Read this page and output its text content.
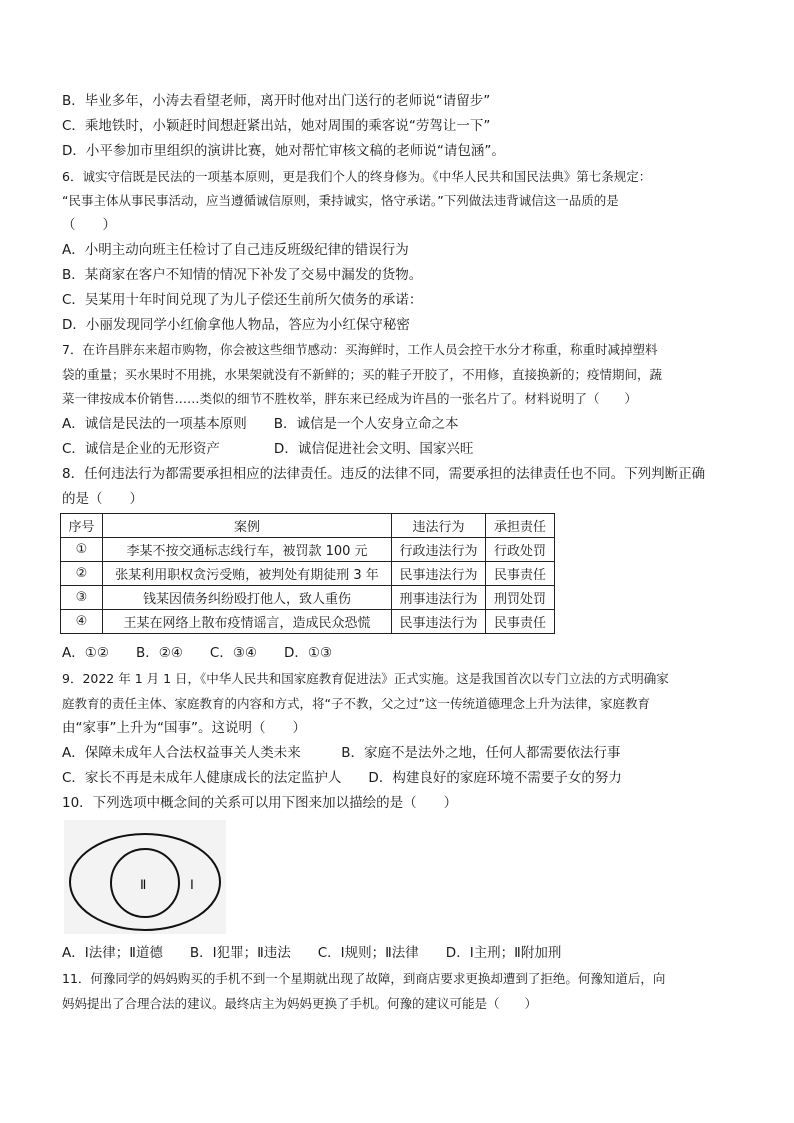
B．毕业多年，小涛去看望老师，离开时他对出门送行的老师说“请留步”
C．乘地铁时，小颖赶时间想赶紧出站，她对周围的乘客说“劳驾让一下”
D．小平参加市里组织的演讲比赛，她对帮忙审核文稿的老师说“请包涵”。
6．诚实守信既是民法的一项基本原则，更是我们个人的终身修为。《中华人民共和国民法典》第七条规定：
“民事主体从事民事活动，应当遵循诚信原则，秉持诚实，恪守承诺。”下列做法违背诚信这一品质的是
（　　）
A．小明主动向班主任检讨了自己违反班级纪律的错误行为
B．某商家在客户不知情的情况下补发了交易中漏发的货物。
C．吴某用十年时间兑现了为儿子偿还生前所欠债务的承诺：
D．小丽发现同学小红偷拿他人物品，答应为小红保守秘密
7．在许昌胖东来超市购物，你会被这些细节感动：买海鲜时，工作人员会控干水分才称重，称重时减掉塑料
袋的重量；买水果时不用挑，水果架就没有不新鲜的；买的鞋子开胶了，不用修，直接换新的；疫情期间，蔬
菜一律按成本价销售……类似的细节不胜枚举，胖东来已经成为许昌的一张名片了。材料说明了（　　）
A．诚信是民法的一项基本原则　　B．诚信是一个人安身立命之本
C．诚信是企业的无形资产　　　　D．诚信促进社会文明、国家兴旺
8．任何违法行为都需要承担相应的法律责任。违反的法律不同，需要承担的法律责任也不同。下列判断正确
的是（　　）
序号	案例	违法行为	承担责任
①	李某不按交通标志线行车，被罚款 100 元	行政违法行为	行政处罚
②	张某利用职权贪污受贿，被判处有期徒刑 3 年	民事违法行为	民事责任
③	钱某因债务纠纷殴打他人，致人重伤	刑事违法行为	刑罚处罚
④	王某在网络上散布疫情谣言，造成民众恐慌	民事违法行为	民事责任
A．①②　　B．②④　　C．③④　　D．①③
9．2022 年 1 月 1 日，《中华人民共和国家庭教育促进法》正式实施。这是我国首次以专门立法的方式明确家
庭教育的责任主体、家庭教育的内容和方式，将“子不教，父之过”这一传统道德理念上升为法律，家庭教育
由“家事”上升为“国事”。这说明（　　）
A．保障未成年人合法权益事关人类未来　　　B．家庭不是法外之地，任何人都需要依法行事
C．家长不再是未成年人健康成长的法定监护人　　D．构建良好的家庭环境不需要子女的努力
10．下列选项中概念间的关系可以用下图来加以描绘的是（　　）
Ⅰ
Ⅱ
A．Ⅰ法律；Ⅱ道德　　B．Ⅰ犯罪；Ⅱ违法　　C．Ⅰ规则；Ⅱ法律　　D．Ⅰ主刑；Ⅱ附加刑
11．何豫同学的妈妈购买的手机不到一个星期就出现了故障，到商店要求更换却遭到了拒绝。何豫知道后，向
妈妈提出了合理合法的建议。最终店主为妈妈更换了手机。何豫的建议可能是（　　）
